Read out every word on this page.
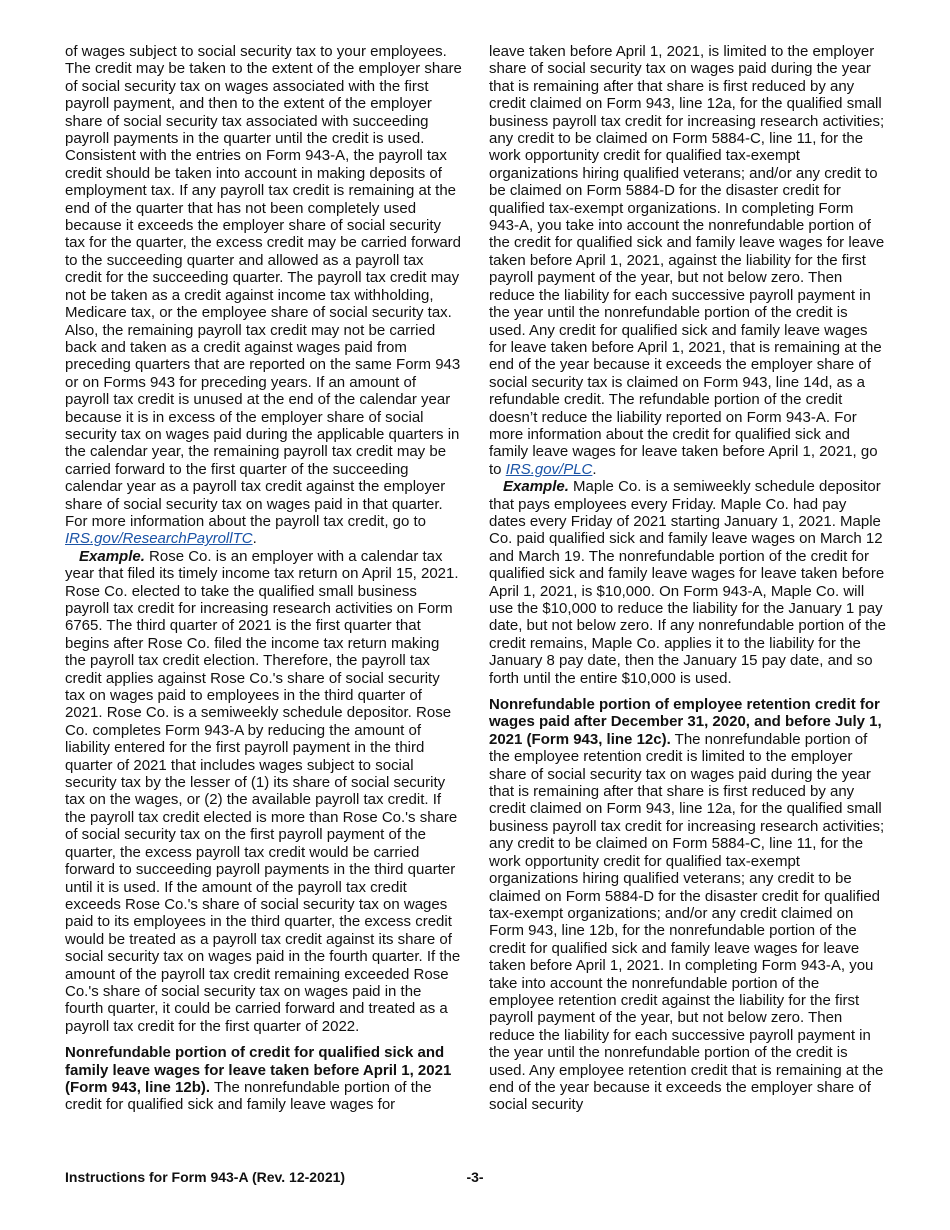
of wages subject to social security tax to your employees. The credit may be taken to the extent of the employer share of social security tax on wages associated with the first payroll payment, and then to the extent of the employer share of social security tax associated with succeeding payroll payments in the quarter until the credit is used. Consistent with the entries on Form 943-A, the payroll tax credit should be taken into account in making deposits of employment tax. If any payroll tax credit is remaining at the end of the quarter that has not been completely used because it exceeds the employer share of social security tax for the quarter, the excess credit may be carried forward to the succeeding quarter and allowed as a payroll tax credit for the succeeding quarter. The payroll tax credit may not be taken as a credit against income tax withholding, Medicare tax, or the employee share of social security tax. Also, the remaining payroll tax credit may not be carried back and taken as a credit against wages paid from preceding quarters that are reported on the same Form 943 or on Forms 943 for preceding years. If an amount of payroll tax credit is unused at the end of the calendar year because it is in excess of the employer share of social security tax on wages paid during the applicable quarters in the calendar year, the remaining payroll tax credit may be carried forward to the first quarter of the succeeding calendar year as a payroll tax credit against the employer share of social security tax on wages paid in that quarter. For more information about the payroll tax credit, go to IRS.gov/ResearchPayrollTC.

Example. Rose Co. is an employer with a calendar tax year that filed its timely income tax return on April 15, 2021. Rose Co. elected to take the qualified small business payroll tax credit for increasing research activities on Form 6765. The third quarter of 2021 is the first quarter that begins after Rose Co. filed the income tax return making the payroll tax credit election. Therefore, the payroll tax credit applies against Rose Co.'s share of social security tax on wages paid to employees in the third quarter of 2021. Rose Co. is a semiweekly schedule depositor. Rose Co. completes Form 943-A by reducing the amount of liability entered for the first payroll payment in the third quarter of 2021 that includes wages subject to social security tax by the lesser of (1) its share of social security tax on the wages, or (2) the available payroll tax credit. If the payroll tax credit elected is more than Rose Co.'s share of social security tax on the first payroll payment of the quarter, the excess payroll tax credit would be carried forward to succeeding payroll payments in the third quarter until it is used. If the amount of the payroll tax credit exceeds Rose Co.'s share of social security tax on wages paid to its employees in the third quarter, the excess credit would be treated as a payroll tax credit against its share of social security tax on wages paid in the fourth quarter. If the amount of the payroll tax credit remaining exceeded Rose Co.'s share of social security tax on wages paid in the fourth quarter, it could be carried forward and treated as a payroll tax credit for the first quarter of 2022.

Nonrefundable portion of credit for qualified sick and family leave wages for leave taken before April 1, 2021 (Form 943, line 12b). The nonrefundable portion of the credit for qualified sick and family leave wages for

leave taken before April 1, 2021, is limited to the employer share of social security tax on wages paid during the year that is remaining after that share is first reduced by any credit claimed on Form 943, line 12a, for the qualified small business payroll tax credit for increasing research activities; any credit to be claimed on Form 5884-C, line 11, for the work opportunity credit for qualified tax-exempt organizations hiring qualified veterans; and/or any credit to be claimed on Form 5884-D for the disaster credit for qualified tax-exempt organizations. In completing Form 943-A, you take into account the nonrefundable portion of the credit for qualified sick and family leave wages for leave taken before April 1, 2021, against the liability for the first payroll payment of the year, but not below zero. Then reduce the liability for each successive payroll payment in the year until the nonrefundable portion of the credit is used. Any credit for qualified sick and family leave wages for leave taken before April 1, 2021, that is remaining at the end of the year because it exceeds the employer share of social security tax is claimed on Form 943, line 14d, as a refundable credit. The refundable portion of the credit doesn’t reduce the liability reported on Form 943-A. For more information about the credit for qualified sick and family leave wages for leave taken before April 1, 2021, go to IRS.gov/PLC.

Example. Maple Co. is a semiweekly schedule depositor that pays employees every Friday. Maple Co. had pay dates every Friday of 2021 starting January 1, 2021. Maple Co. paid qualified sick and family leave wages on March 12 and March 19. The nonrefundable portion of the credit for qualified sick and family leave wages for leave taken before April 1, 2021, is $10,000. On Form 943-A, Maple Co. will use the $10,000 to reduce the liability for the January 1 pay date, but not below zero. If any nonrefundable portion of the credit remains, Maple Co. applies it to the liability for the January 8 pay date, then the January 15 pay date, and so forth until the entire $10,000 is used.

Nonrefundable portion of employee retention credit for wages paid after December 31, 2020, and before July 1, 2021 (Form 943, line 12c). The nonrefundable portion of the employee retention credit is limited to the employer share of social security tax on wages paid during the year that is remaining after that share is first reduced by any credit claimed on Form 943, line 12a, for the qualified small business payroll tax credit for increasing research activities; any credit to be claimed on Form 5884-C, line 11, for the work opportunity credit for qualified tax-exempt organizations hiring qualified veterans; any credit to be claimed on Form 5884-D for the disaster credit for qualified tax-exempt organizations; and/or any credit claimed on Form 943, line 12b, for the nonrefundable portion of the credit for qualified sick and family leave wages for leave taken before April 1, 2021. In completing Form 943-A, you take into account the nonrefundable portion of the employee retention credit against the liability for the first payroll payment of the year, but not below zero. Then reduce the liability for each successive payroll payment in the year until the nonrefundable portion of the credit is used. Any employee retention credit that is remaining at the end of the year because it exceeds the employer share of social security

Instructions for Form 943-A (Rev. 12-2021)	-3-
